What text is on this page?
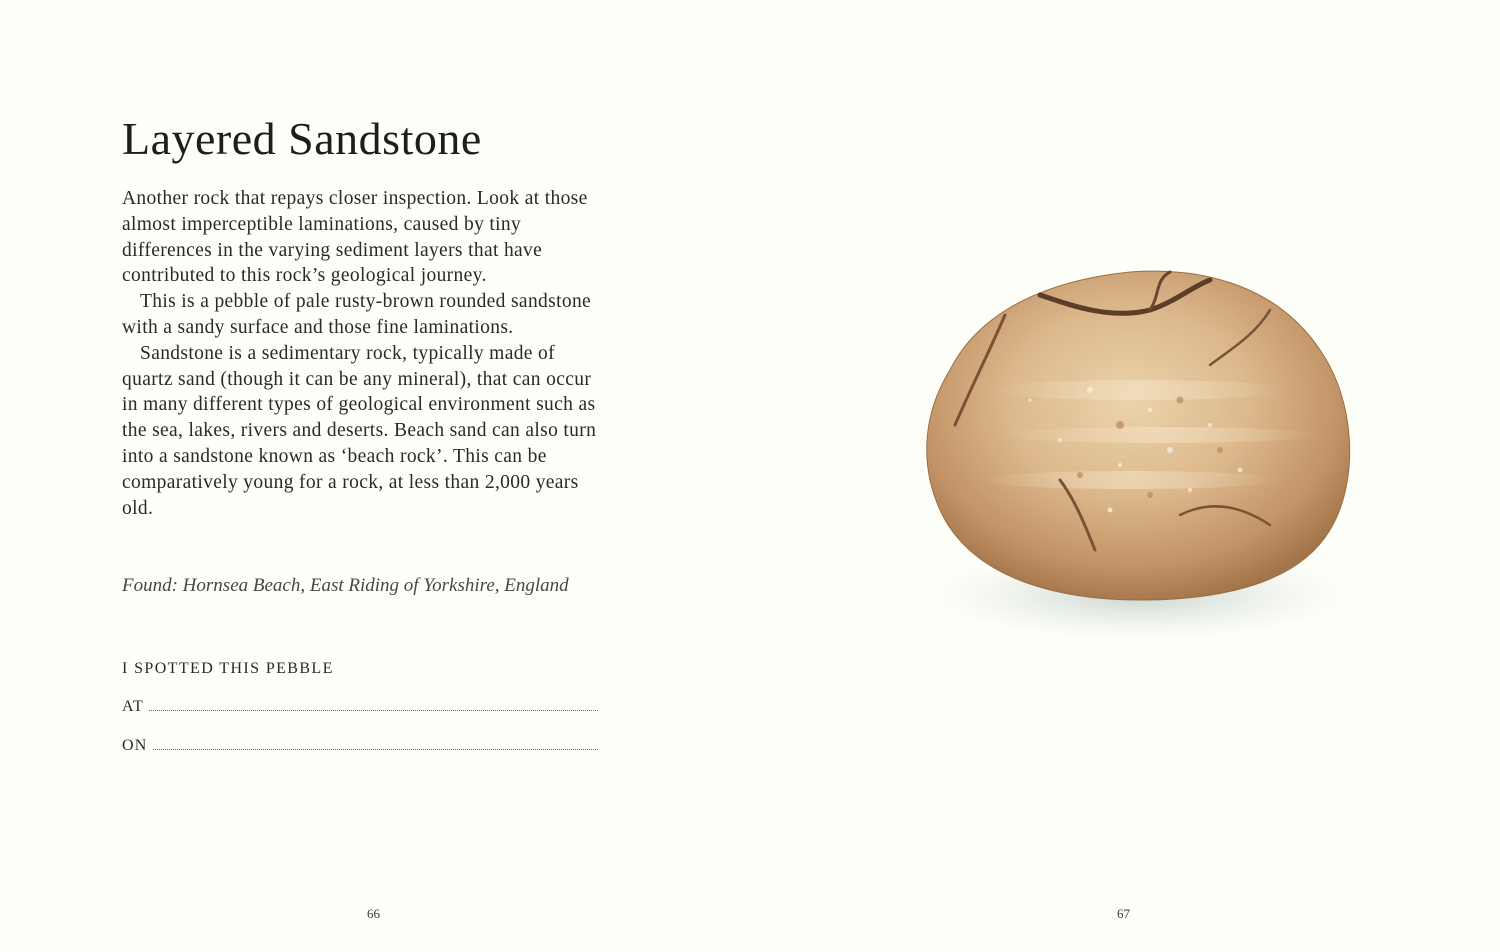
Layered Sandstone

Another rock that repays closer inspection. Look at those almost imperceptible laminations, caused by tiny differences in the varying sediment layers that have contributed to this rock’s geological journey.

This is a pebble of pale rusty-brown rounded sandstone with a sandy surface and those fine laminations.

Sandstone is a sedimentary rock, typically made of quartz sand (though it can be any mineral), that can occur in many different types of geological environment such as the sea, lakes, rivers and deserts. Beach sand can also turn into a sandstone known as ‘beach rock’. This can be comparatively young for a rock, at less than 2,000 years old.

Found: Hornsea Beach, East Riding of Yorkshire, England
I SPOTTED THIS PEBBLE
AT
ON
66	67
